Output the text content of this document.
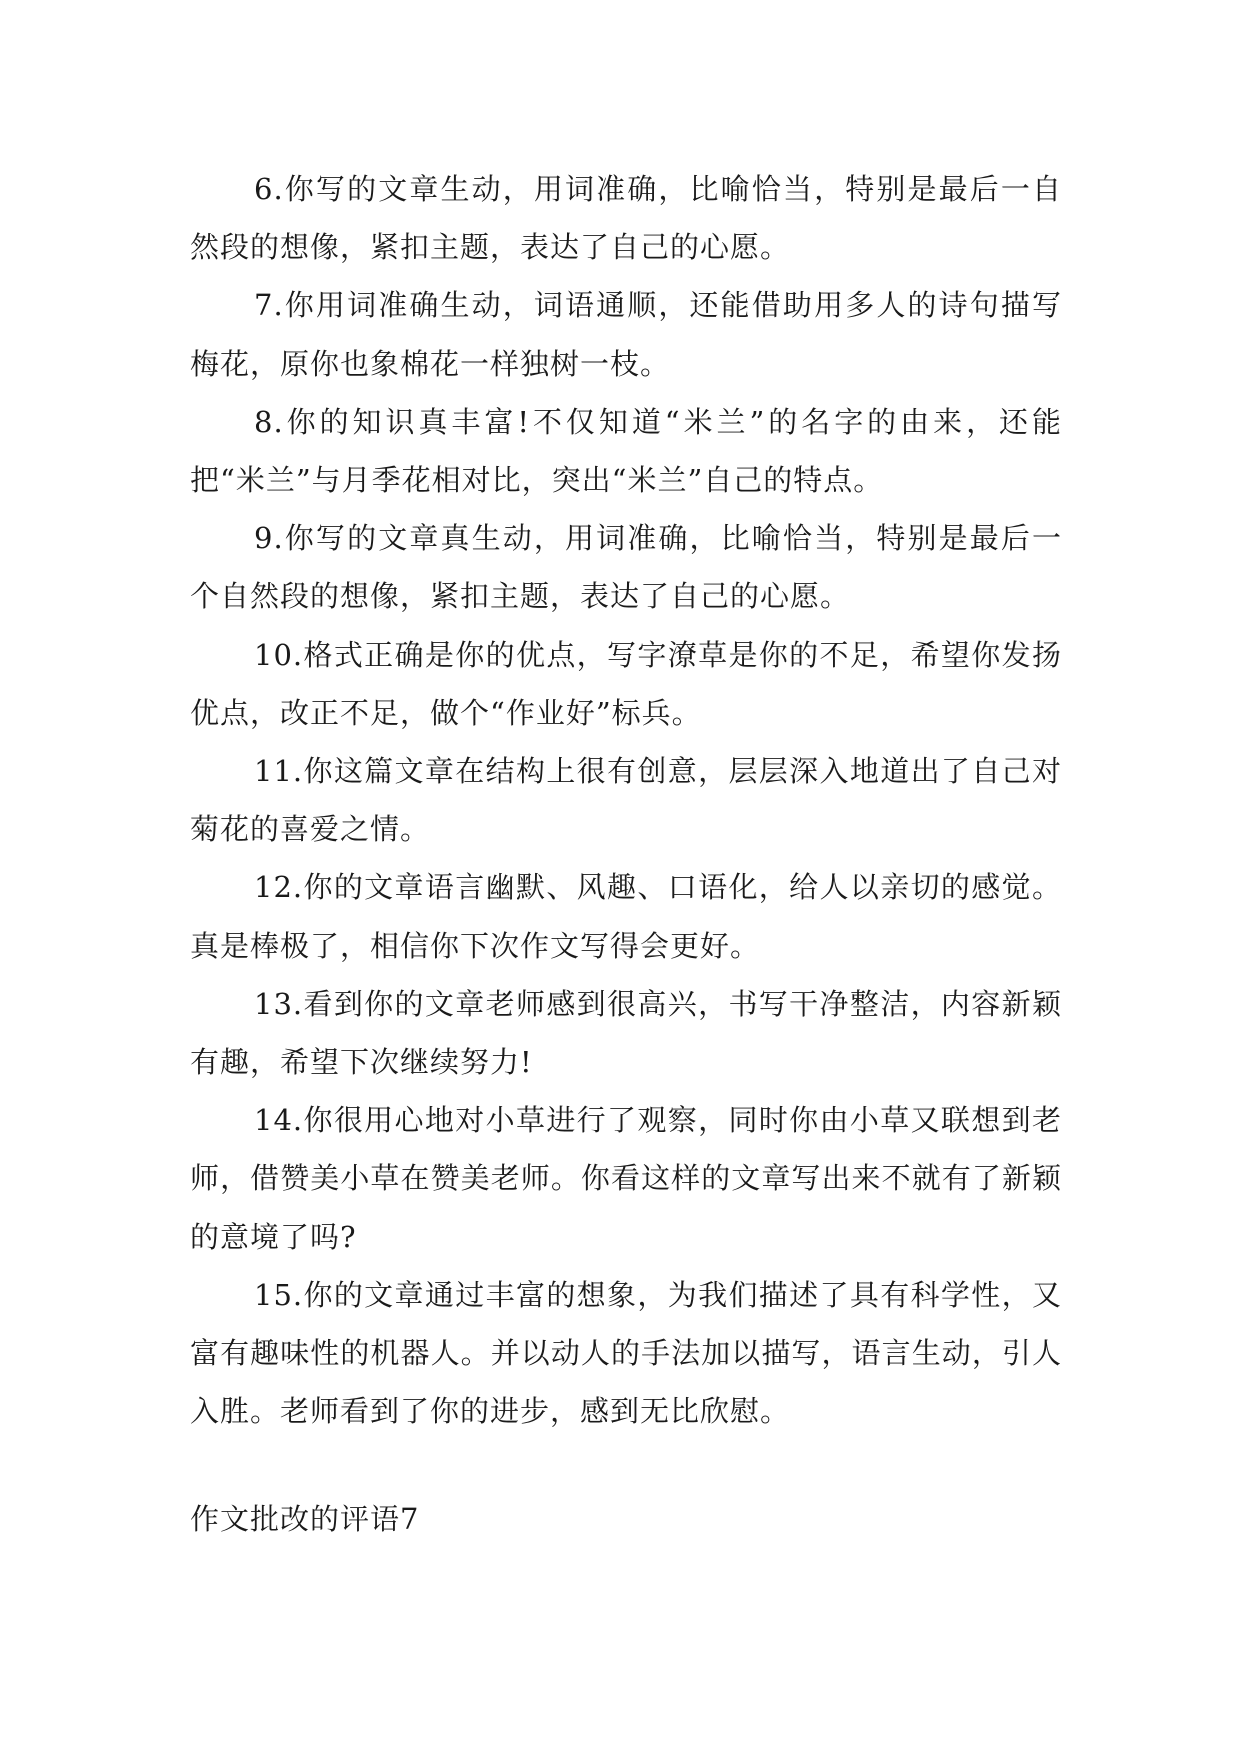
6.你写的文章生动，用词准确，比喻恰当，特别是最后一自然段的想像，紧扣主题，表达了自己的心愿。

7.你用词准确生动，词语通顺，还能借助用多人的诗句描写梅花，原你也象棉花一样独树一枝。

8.你的知识真丰富!不仅知道“米兰”的名字的由来，还能把“米兰”与月季花相对比，突出“米兰”自己的特点。

9.你写的文章真生动，用词准确，比喻恰当，特别是最后一个自然段的想像，紧扣主题，表达了自己的心愿。

10.格式正确是你的优点，写字潦草是你的不足，希望你发扬优点，改正不足，做个“作业好”标兵。

11.你这篇文章在结构上很有创意，层层深入地道出了自己对菊花的喜爱之情。

12.你的文章语言幽默、风趣、口语化，给人以亲切的感觉。真是棒极了，相信你下次作文写得会更好。

13.看到你的文章老师感到很高兴，书写干净整洁，内容新颖有趣，希望下次继续努力!

14.你很用心地对小草进行了观察，同时你由小草又联想到老师，借赞美小草在赞美老师。你看这样的文章写出来不就有了新颖的意境了吗?

15.你的文章通过丰富的想象，为我们描述了具有科学性，又富有趣味性的机器人。并以动人的手法加以描写，语言生动，引人入胜。老师看到了你的进步，感到无比欣慰。

作文批改的评语7
